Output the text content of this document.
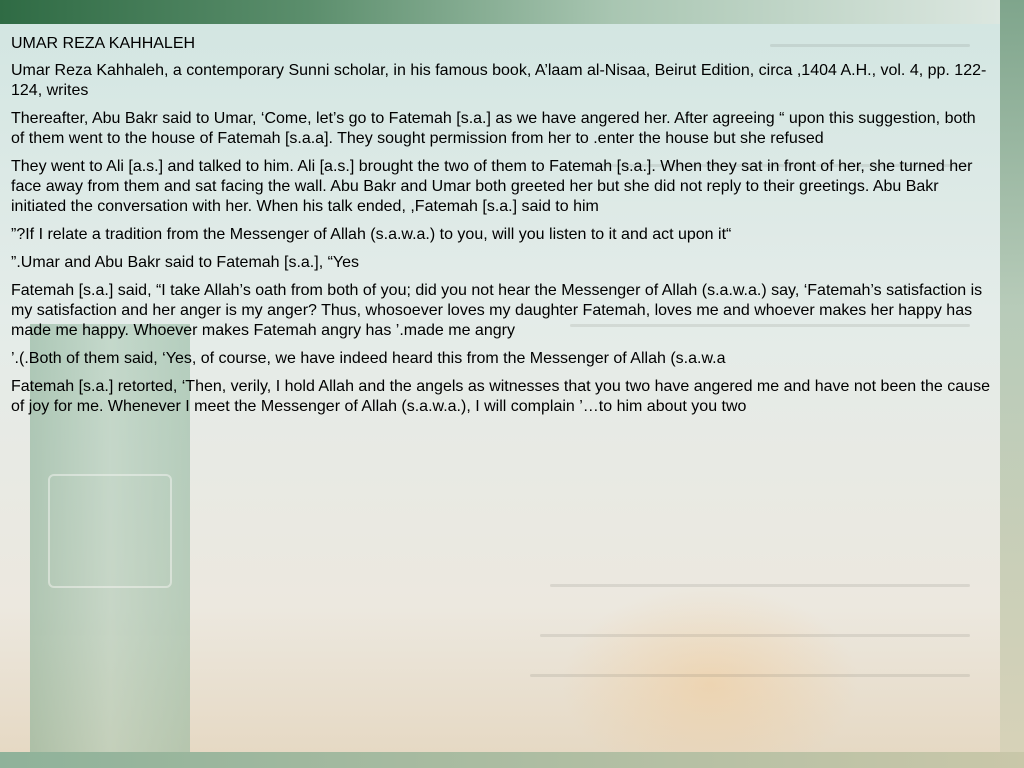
UMAR REZA KAHHALEH

Umar Reza Kahhaleh, a contemporary Sunni scholar, in his famous book, A’laam al-Nisaa, Beirut Edition, circa ,1404 A.H., vol. 4, pp. 122-124, writes

Thereafter, Abu Bakr said to Umar, ‘Come, let’s go to Fatemah [s.a.] as we have angered her. After agreeing “ upon this suggestion, both of them went to the house of Fatemah [s.a.a]. They sought permission from her to .enter the house but she refused

They went to Ali [a.s.] and talked to him. Ali [a.s.] brought the two of them to Fatemah [s.a.]. When they sat in front of her, she turned her face away from them and sat facing the wall. Abu Bakr and Umar both greeted her but she did not reply to their greetings. Abu Bakr initiated the conversation with her. When his talk ended, ,Fatemah [s.a.] said to him

”?If I relate a tradition from the Messenger of Allah (s.a.w.a.) to you, will you listen to it and act upon it“

”.Umar and Abu Bakr said to Fatemah [s.a.], “Yes

Fatemah [s.a.] said, “I take Allah’s oath from both of you; did you not hear the Messenger of Allah (s.a.w.a.) say, ‘Fatemah’s satisfaction is my satisfaction and her anger is my anger? Thus, whosoever loves my daughter Fatemah, loves me and whoever makes her happy has made me happy. Whoever makes Fatemah angry has ’.made me angry

’.(.Both of them said, ‘Yes, of course, we have indeed heard this from the Messenger of Allah (s.a.w.a

Fatemah [s.a.] retorted, ‘Then, verily, I hold Allah and the angels as witnesses that you two have angered me and have not been the cause of joy for me. Whenever I meet the Messenger of Allah (s.a.w.a.), I will complain ’…to him about you two
